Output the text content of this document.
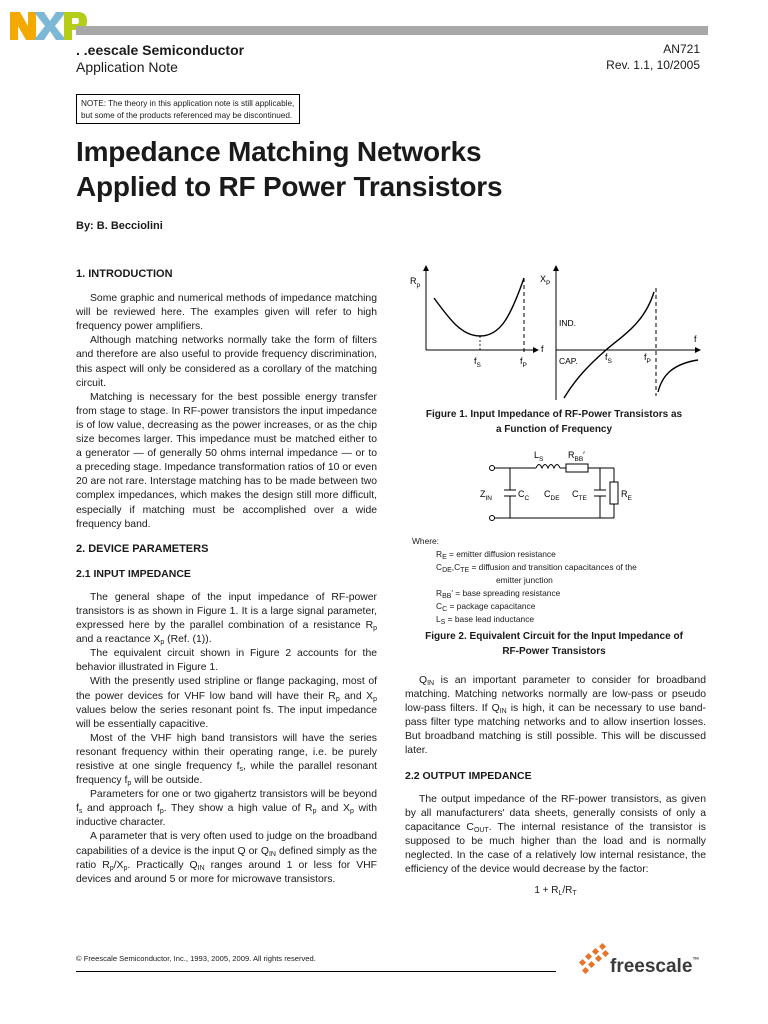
NXP
. .eescale Semiconductor
Application Note
AN721
Rev. 1.1, 10/2005
NOTE: The theory in this application note is still applicable,
but some of the products referenced may be discontinued.
Impedance Matching Networks
Applied to RF Power Transistors
By: B. Becciolini
1. INTRODUCTION

Some graphic and numerical methods of impedance matching will be reviewed here. The examples given will refer to high frequency power amplifiers.

Although matching networks normally take the form of filters and therefore are also useful to provide frequency discrimination, this aspect will only be considered as a corollary of the matching circuit.

Matching is necessary for the best possible energy transfer from stage to stage. In RF-power transistors the input impedance is of low value, decreasing as the power increases, or as the chip size becomes larger. This impedance must be matched either to a generator — of generally 50 ohms internal impedance — or to a preceding stage. Impedance transformation ratios of 10 or even 20 are not rare. Interstage matching has to be made between two complex impedances, which makes the design still more difficult, especially if matching must be accomplished over a wide frequency band.

2. DEVICE PARAMETERS
2.1 INPUT IMPEDANCE

The general shape of the input impedance of RF-power transistors is as shown in Figure 1. It is a large signal parameter, expressed here by the parallel combination of a resistance $R_p$ and a reactance $X_p$ (Ref. (1)).

The equivalent circuit shown in Figure 2 accounts for the behavior illustrated in Figure 1.

With the presently used stripline or flange packaging, most of the power devices for VHF low band will have their $R_p$ and $X_p$ values below the series resonant point fs. The input impedance will be essentially capacitive.

Most of the VHF high band transistors will have the series resonant frequency within their operating range, i.e. be purely resistive at one single frequency $f_s$, while the parallel resonant frequency $f_p$ will be outside.

Parameters for one or two gigahertz transistors will be beyond $f_s$ and approach $f_p$. They show a high value of $R_p$ and $X_p$ with inductive character.

A parameter that is very often used to judge on the broadband capabilities of a device is the input Q or $Q_{IN}$ defined simply as the ratio $R_p/X_p$. Practically $Q_{IN}$ ranges around 1 or less for VHF devices and around 5 or more for microwave transistors.

$R_p$
f
$f_S$	$f_P$
$X_P$
f
IND.
CAP.	$f_S$	$f_P$
Figure 1. Input Impedance of RF-Power Transistors as
a Function of Frequency
$L_S$	$R_{BB}'$
$Z_{IN}$	$C_C$ $C_{DE}$ $C_{TE}$	$R_E$
Where:
$R_E$ = emitter diffusion resistance
$C_{DE},C_{TE}$ = diffusion and transition capacitances of the
emitter junction
$R_{BB}'$ = base spreading resistance
$C_C$ = package capacitance
$L_S$ = base lead inductance
Figure 2. Equivalent Circuit for the Input Impedance of
RF-Power Transistors

$Q_{IN}$ is an important parameter to consider for broadband matching. Matching networks normally are low-pass or pseudo low-pass filters. If $Q_{IN}$ is high, it can be necessary to use band-pass filter type matching networks and to allow insertion losses. But broadband matching is still possible. This will be discussed later.

2.2 OUTPUT IMPEDANCE

The output impedance of the RF-power transistors, as given by all manufacturers' data sheets, generally consists of only a capacitance $C_{OUT}$. The internal resistance of the transistor is supposed to be much higher than the load and is normally neglected. In the case of a relatively low internal resistance, the efficiency of the device would decrease by the factor:

$1 + R_L/R_T$
© Freescale Semiconductor, Inc., 1993, 2005, 2009. All rights reserved.	freescale™
